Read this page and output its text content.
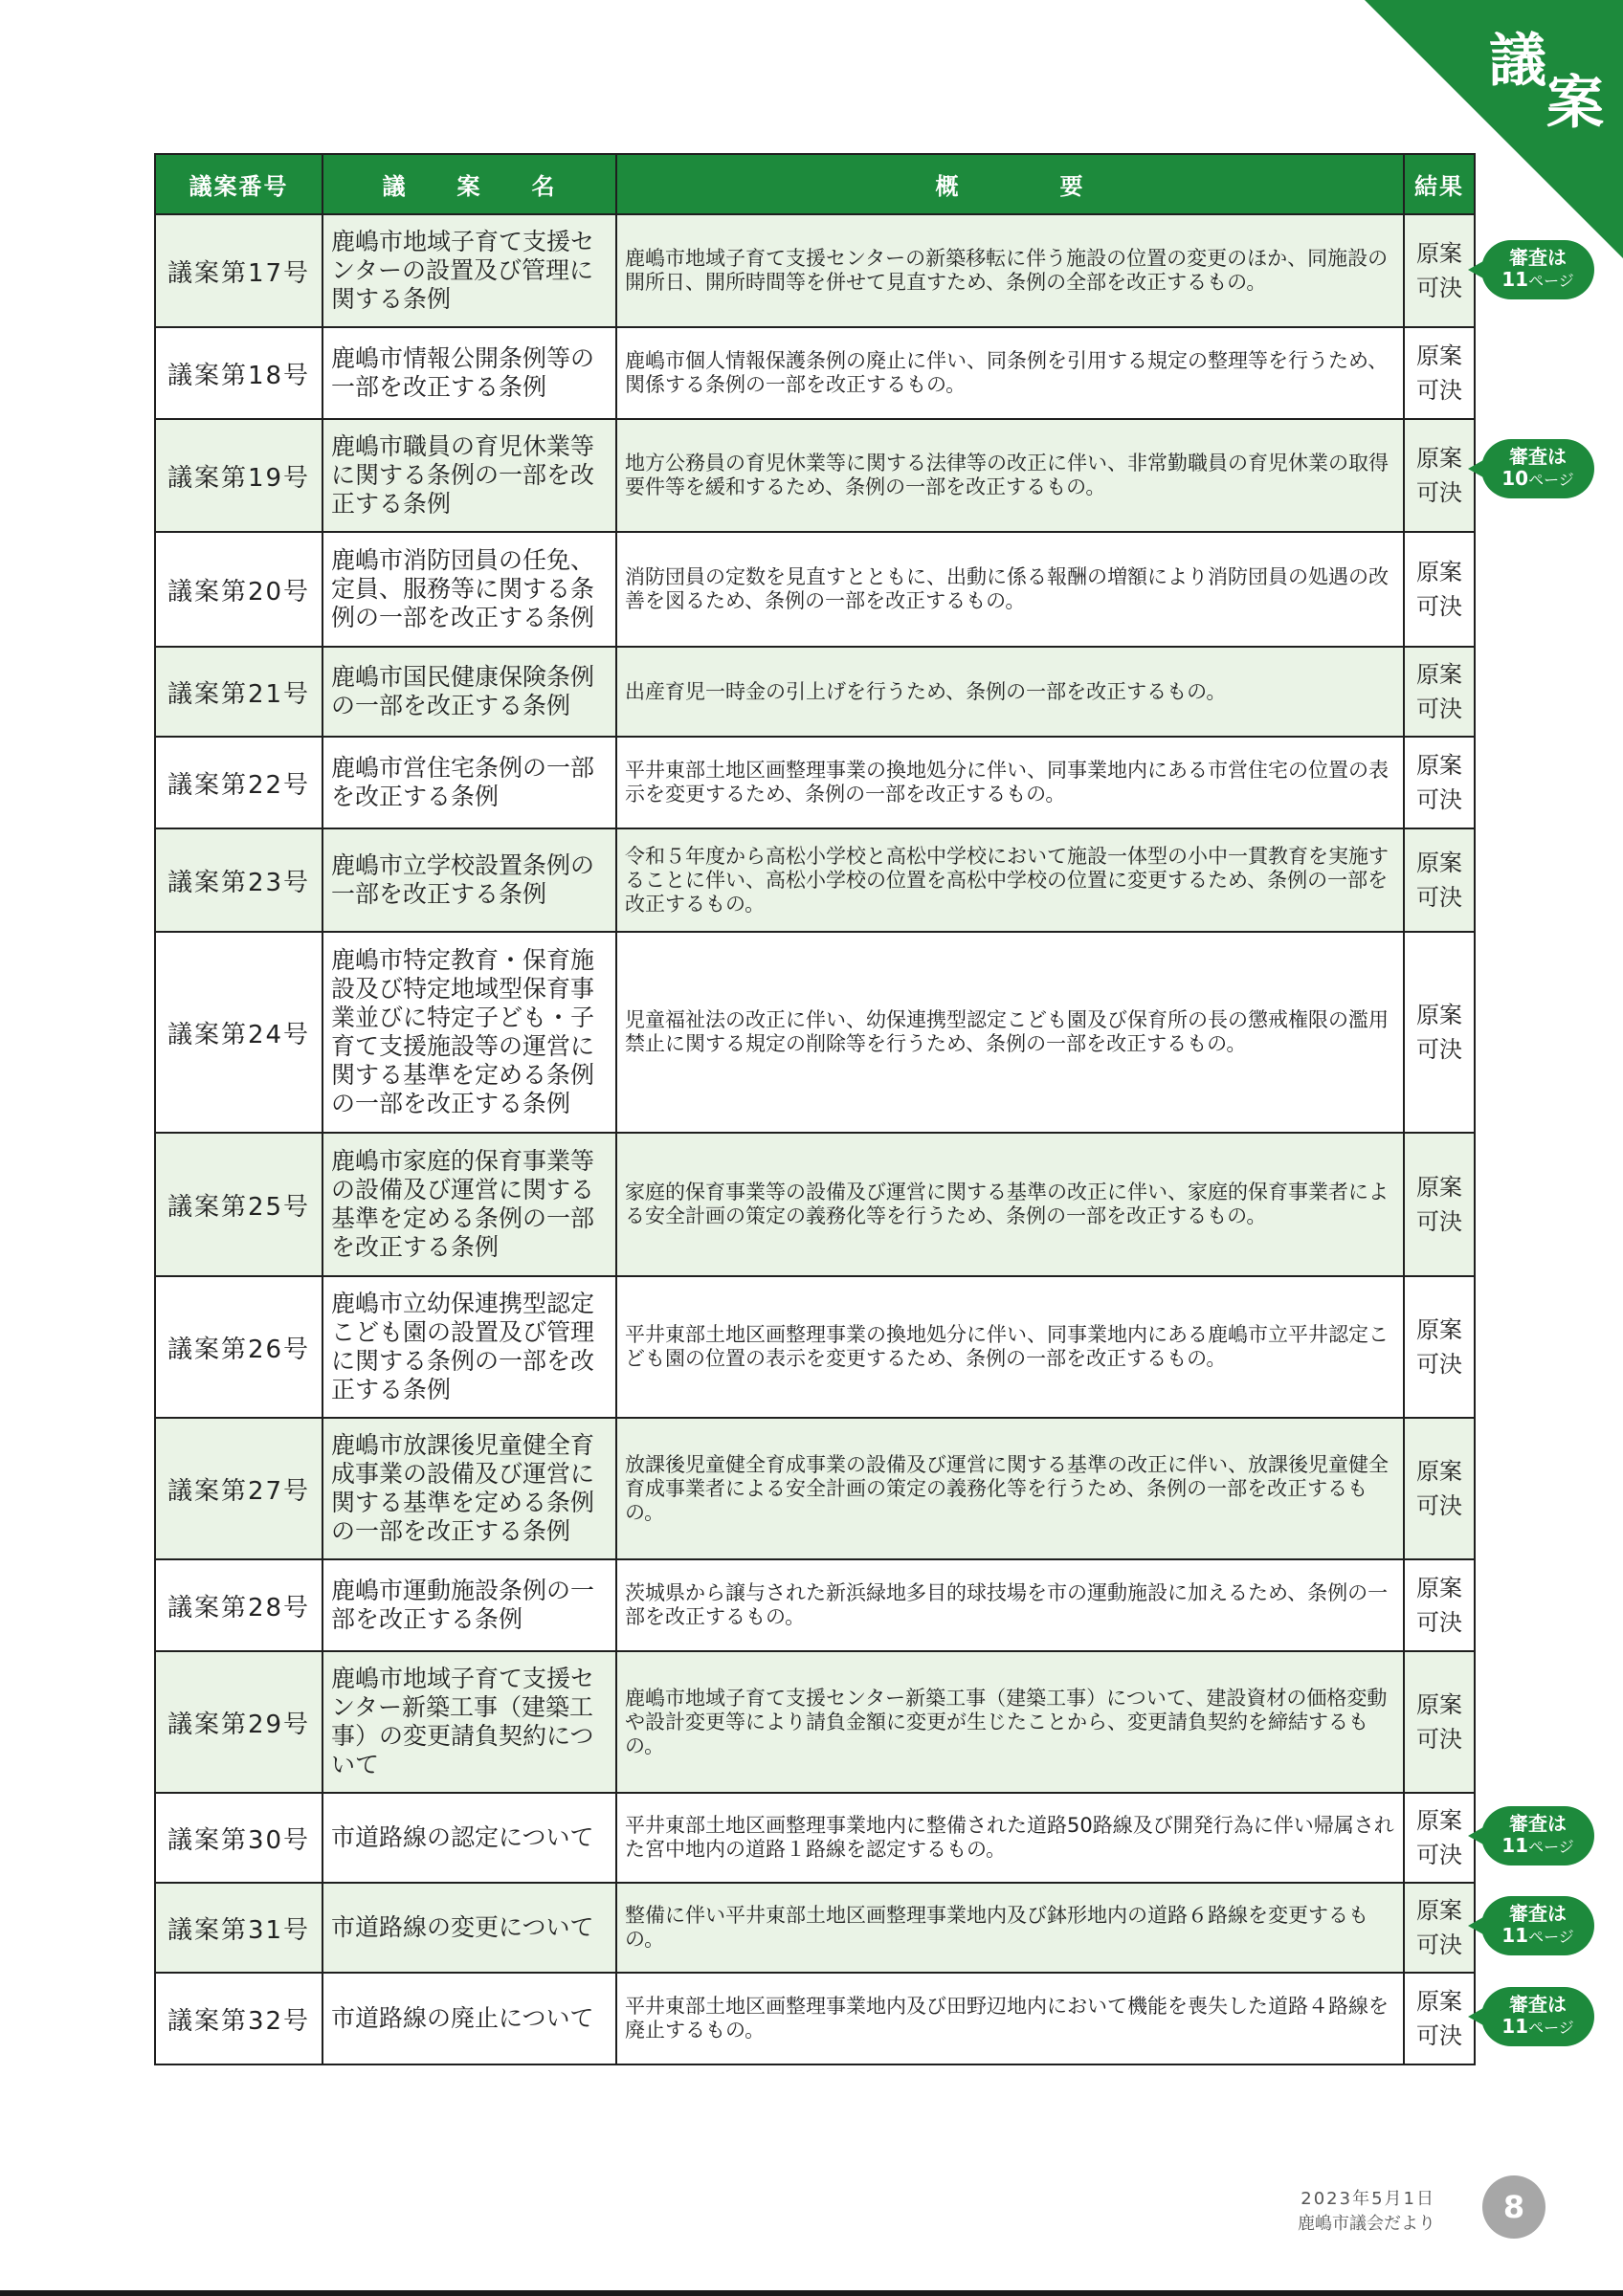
議
案
議案番号	議　　案　　名	概　　　　要	結果
議案第17号	鹿嶋市地域子育て支援センターの設置及び管理に関する条例	鹿嶋市地域子育て支援センターの新築移転に伴う施設の位置の変更のほか、同施設の開所日、開所時間等を併せて見直すため、条例の全部を改正するもの。	原案
可決
議案第18号	鹿嶋市情報公開条例等の一部を改正する条例	鹿嶋市個人情報保護条例の廃止に伴い、同条例を引用する規定の整理等を行うため、関係する条例の一部を改正するもの。	原案
可決
議案第19号	鹿嶋市職員の育児休業等に関する条例の一部を改正する条例	地方公務員の育児休業等に関する法律等の改正に伴い、非常勤職員の育児休業の取得要件等を緩和するため、条例の一部を改正するもの。	原案
可決
議案第20号	鹿嶋市消防団員の任免、定員、服務等に関する条例の一部を改正する条例	消防団員の定数を見直すとともに、出動に係る報酬の増額により消防団員の処遇の改善を図るため、条例の一部を改正するもの。	原案
可決
議案第21号	鹿嶋市国民健康保険条例の一部を改正する条例	出産育児一時金の引上げを行うため、条例の一部を改正するもの。	原案
可決
議案第22号	鹿嶋市営住宅条例の一部を改正する条例	平井東部土地区画整理事業の換地処分に伴い、同事業地内にある市営住宅の位置の表示を変更するため、条例の一部を改正するもの。	原案
可決
議案第23号	鹿嶋市立学校設置条例の一部を改正する条例	令和５年度から高松小学校と高松中学校において施設一体型の小中一貫教育を実施することに伴い、高松小学校の位置を高松中学校の位置に変更するため、条例の一部を改正するもの。	原案
可決
議案第24号	鹿嶋市特定教育・保育施設及び特定地域型保育事業並びに特定子ども・子育て支援施設等の運営に関する基準を定める条例の一部を改正する条例	児童福祉法の改正に伴い、幼保連携型認定こども園及び保育所の長の懲戒権限の濫用禁止に関する規定の削除等を行うため、条例の一部を改正するもの。	原案
可決
議案第25号	鹿嶋市家庭的保育事業等の設備及び運営に関する基準を定める条例の一部を改正する条例	家庭的保育事業等の設備及び運営に関する基準の改正に伴い、家庭的保育事業者による安全計画の策定の義務化等を行うため、条例の一部を改正するもの。	原案
可決
議案第26号	鹿嶋市立幼保連携型認定こども園の設置及び管理に関する条例の一部を改正する条例	平井東部土地区画整理事業の換地処分に伴い、同事業地内にある鹿嶋市立平井認定こども園の位置の表示を変更するため、条例の一部を改正するもの。	原案
可決
議案第27号	鹿嶋市放課後児童健全育成事業の設備及び運営に関する基準を定める条例の一部を改正する条例	放課後児童健全育成事業の設備及び運営に関する基準の改正に伴い、放課後児童健全育成事業者による安全計画の策定の義務化等を行うため、条例の一部を改正するもの。	原案
可決
議案第28号	鹿嶋市運動施設条例の一部を改正する条例	茨城県から譲与された新浜緑地多目的球技場を市の運動施設に加えるため、条例の一部を改正するもの。	原案
可決
議案第29号	鹿嶋市地域子育て支援センター新築工事（建築工事）の変更請負契約について	鹿嶋市地域子育て支援センター新築工事（建築工事）について、建設資材の価格変動や設計変更等により請負金額に変更が生じたことから、変更請負契約を締結するもの。	原案
可決
議案第30号	市道路線の認定について	平井東部土地区画整理事業地内に整備された道路50路線及び開発行為に伴い帰属された宮中地内の道路１路線を認定するもの。	原案
可決
議案第31号	市道路線の変更について	整備に伴い平井東部土地区画整理事業地内及び鉢形地内の道路６路線を変更するもの。	原案
可決
議案第32号	市道路線の廃止について	平井東部土地区画整理事業地内及び田野辺地内において機能を喪失した道路４路線を廃止するもの。	原案
可決
審査は
11ページ
審査は
10ページ
審査は
11ページ
審査は
11ページ
審査は
11ページ
2023年5月1日
鹿嶋市議会だより	8
